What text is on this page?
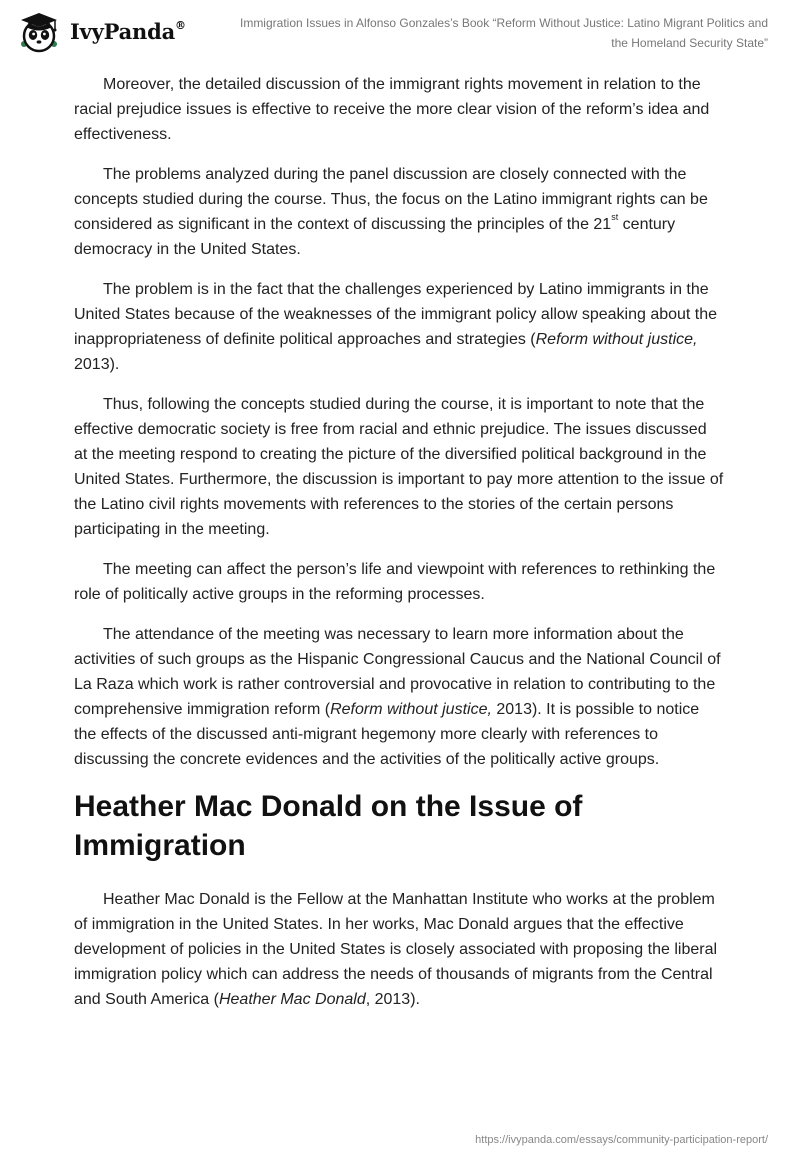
IvyPanda®	Immigration Issues in Alfonso Gonzales’s Book “Reform Without Justice: Latino Migrant Politics and
the Homeland Security State”

Moreover, the detailed discussion of the immigrant rights movement in relation to the racial prejudice issues is effective to receive the more clear vision of the reform’s idea and effectiveness.

The problems analyzed during the panel discussion are closely connected with the concepts studied during the course. Thus, the focus on the Latino immigrant rights can be considered as significant in the context of discussing the principles of the 21st century democracy in the United States.

The problem is in the fact that the challenges experienced by Latino immigrants in the United States because of the weaknesses of the immigrant policy allow speaking about the inappropriateness of definite political approaches and strategies (Reform without justice, 2013).

Thus, following the concepts studied during the course, it is important to note that the effective democratic society is free from racial and ethnic prejudice. The issues discussed at the meeting respond to creating the picture of the diversified political background in the United States. Furthermore, the discussion is important to pay more attention to the issue of the Latino civil rights movements with references to the stories of the certain persons participating in the meeting.

The meeting can affect the person’s life and viewpoint with references to rethinking the role of politically active groups in the reforming processes.

The attendance of the meeting was necessary to learn more information about the activities of such groups as the Hispanic Congressional Caucus and the National Council of La Raza which work is rather controversial and provocative in relation to contributing to the comprehensive immigration reform (Reform without justice, 2013). It is possible to notice the effects of the discussed anti-migrant hegemony more clearly with references to discussing the concrete evidences and the activities of the politically active groups.

Heather Mac Donald on the Issue of Immigration

Heather Mac Donald is the Fellow at the Manhattan Institute who works at the problem of immigration in the United States. In her works, Mac Donald argues that the effective development of policies in the United States is closely associated with proposing the liberal immigration policy which can address the needs of thousands of migrants from the Central and South America (Heather Mac Donald, 2013).

https://ivypanda.com/essays/community-participation-report/
